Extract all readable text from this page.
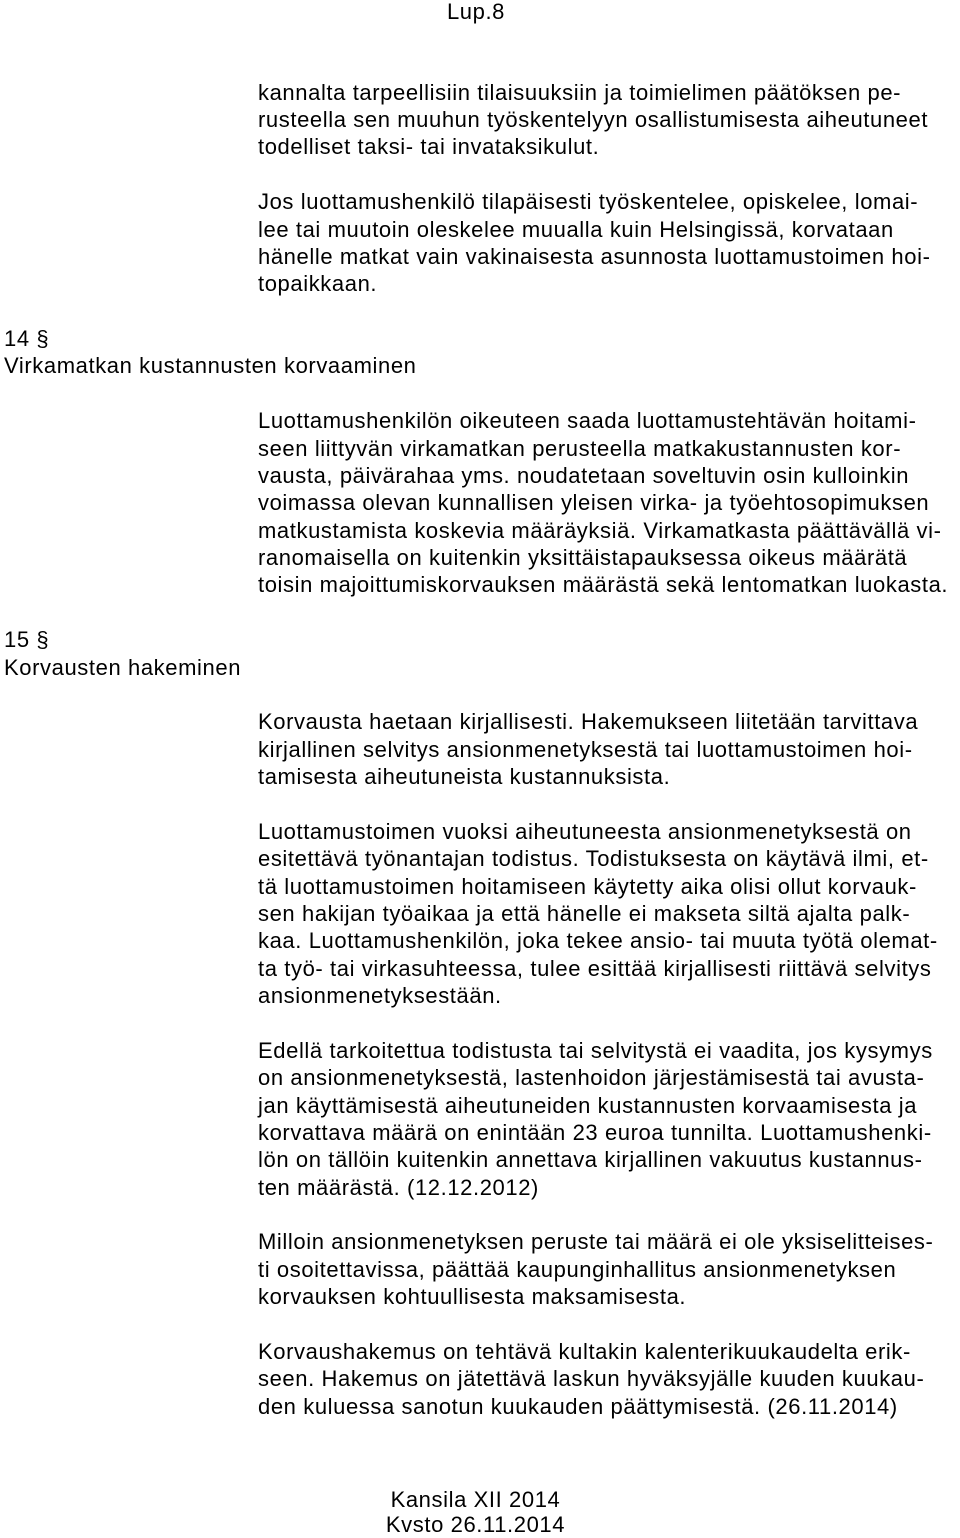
Lup.8
kannalta tarpeellisiin tilaisuuksiin ja toimielimen päätöksen pe-
rusteella sen muuhun työskentelyyn osallistumisesta aiheutuneet
todelliset taksi- tai invataksikulut.
Jos luottamushenkilö tilapäisesti työskentelee, opiskelee, lomai-
lee tai muutoin oleskelee muualla kuin Helsingissä, korvataan
hänelle matkat vain vakinaisesta asunnosta luottamustoimen hoi-
topaikkaan.
14 §
Virkamatkan kustannusten korvaaminen
Luottamushenkilön oikeuteen saada luottamustehtävän hoitami-
seen liittyvän virkamatkan perusteella matkakustannusten kor-
vausta, päivärahaa yms. noudatetaan soveltuvin osin kulloinkin
voimassa olevan kunnallisen yleisen virka- ja työehtosopimuksen
matkustamista koskevia määräyksiä. Virkamatkasta päättävällä vi-
ranomaisella on kuitenkin yksittäistapauksessa oikeus määrätä
toisin majoittumiskorvauksen määrästä sekä lentomatkan luokasta.
15 §
Korvausten hakeminen
Korvausta haetaan kirjallisesti. Hakemukseen liitetään tarvittava
kirjallinen selvitys ansionmenetyksestä tai luottamustoimen hoi-
tamisesta aiheutuneista kustannuksista.
Luottamustoimen vuoksi aiheutuneesta ansionmenetyksestä on
esitettävä työnantajan todistus. Todistuksesta on käytävä ilmi, et-
tä luottamustoimen hoitamiseen käytetty aika olisi ollut korvauk-
sen hakijan työaikaa ja että hänelle ei makseta siltä ajalta palk-
kaa. Luottamushenkilön, joka tekee ansio- tai muuta työtä olemat-
ta työ- tai virkasuhteessa, tulee esittää kirjallisesti riittävä selvitys
ansionmenetyksestään.
Edellä tarkoitettua todistusta tai selvitystä ei vaadita, jos kysymys
on ansionmenetyksestä, lastenhoidon järjestämisestä tai avusta-
jan käyttämisestä aiheutuneiden kustannusten korvaamisesta ja
korvattava määrä on enintään 23 euroa tunnilta. Luottamushenki-
lön on tällöin kuitenkin annettava kirjallinen vakuutus kustannus-
ten määrästä. (12.12.2012)
Milloin ansionmenetyksen peruste tai määrä ei ole yksiselitteises-
ti osoitettavissa, päättää kaupunginhallitus ansionmenetyksen
korvauksen kohtuullisesta maksamisesta.
Korvaushakemus on tehtävä kultakin kalenterikuukaudelta erik-
seen. Hakemus on jätettävä laskun hyväksyjälle kuuden kuukau-
den kuluessa sanotun kuukauden päättymisestä. (26.11.2014)
Kansila XII 2014
Kvsto 26.11.2014
